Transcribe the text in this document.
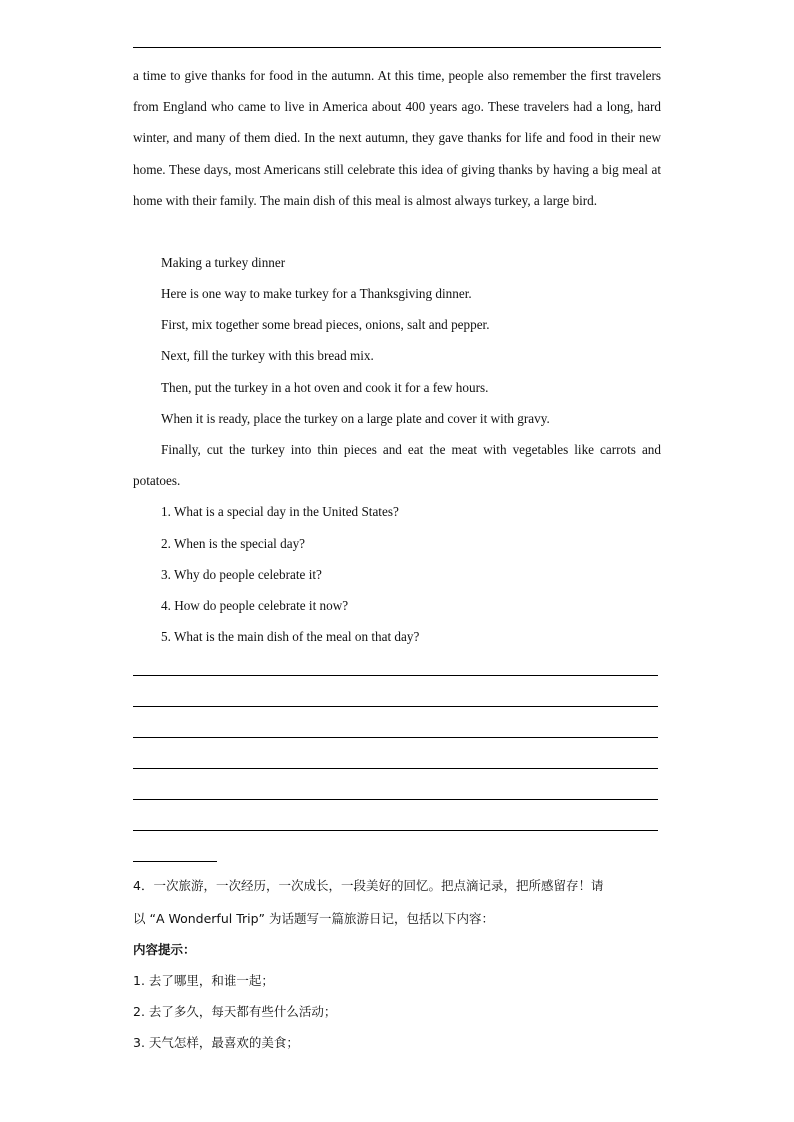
a time to give thanks for food in the autumn. At this time, people also remember the first travelers from England who came to live in America about 400 years ago. These travelers had a long, hard winter, and many of them died. In the next autumn, they gave thanks for life and food in their new home. These days, most Americans still celebrate this idea of giving thanks by having a big meal at home with their family. The main dish of this meal is almost always turkey, a large bird.

Making a turkey dinner

Here is one way to make turkey for a Thanksgiving dinner.

First, mix together some bread pieces, onions, salt and pepper.

Next, fill the turkey with this bread mix.

Then, put the turkey in a hot oven and cook it for a few hours.

When it is ready, place the turkey on a large plate and cover it with gravy.

Finally, cut the turkey into thin pieces and eat the meat with vegetables like carrots and potatoes.

1. What is a special day in the United States?

2. When is the special day?

3. Why do people celebrate it?

4. How do people celebrate it now?

5. What is the main dish of the meal on that day?

4．一次旅游，一次经历，一次成长，一段美好的回忆。把点滴记录，把所感留存！请

以 “A Wonderful Trip” 为话题写一篇旅游日记，包括以下内容：

内容提示：

1. 去了哪里，和谁一起；

2. 去了多久，每天都有些什么活动；

3. 天气怎样，最喜欢的美食；
